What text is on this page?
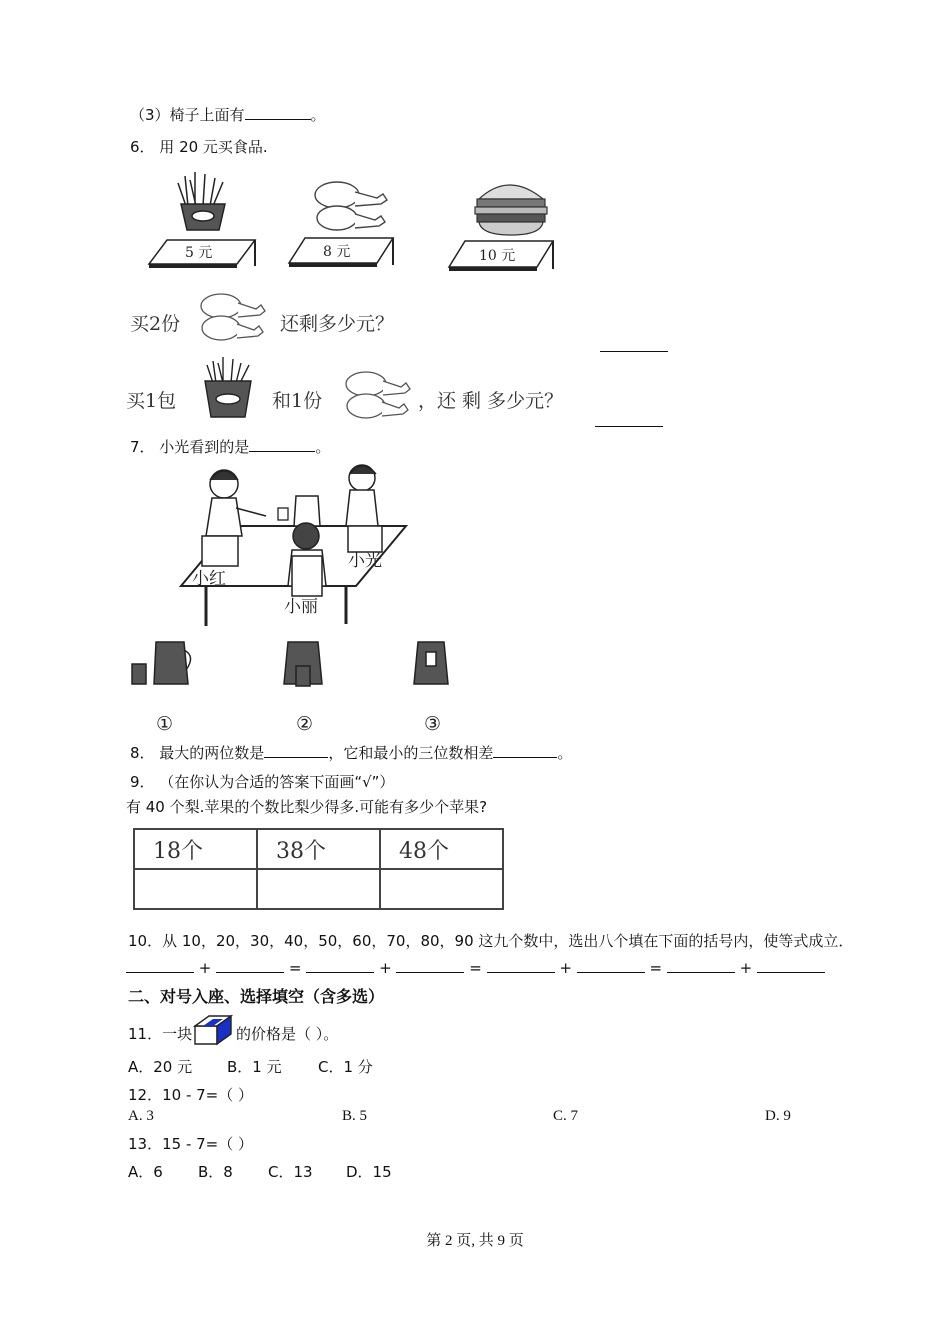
（3）椅子上面有	。
6． 用 20 元买食品.
5 元	8 元	10 元
买2份	还剩多少元？
买1包	和1份	，还 剩 多少元？
7． 小光看到的是	。
小红
小光
小丽
①	②	③
8． 最大的两位数是	，它和最小的三位数相差	。
9． （在你认为合适的答案下面画“√”）
有 40 个梨.苹果的个数比梨少得多.可能有多少个苹果?
18个	38个	48个

10．从 10，20，30，40，50，60，70，80，90 这九个数中，选出八个填在下面的括号内，使等式成立．
+	=	+	=	+	=	+
二、对号入座、选择填空（含多选）
11．一块	的价格是（ ）。
A．20 元 B．1 元 C．1 分
12．10 - 7=（ ）
A. 3	B. 5	C. 7	D. 9
13．15 - 7=（ ）
A．6 B．8 C．13 D．15
第 2 页, 共 9 页
